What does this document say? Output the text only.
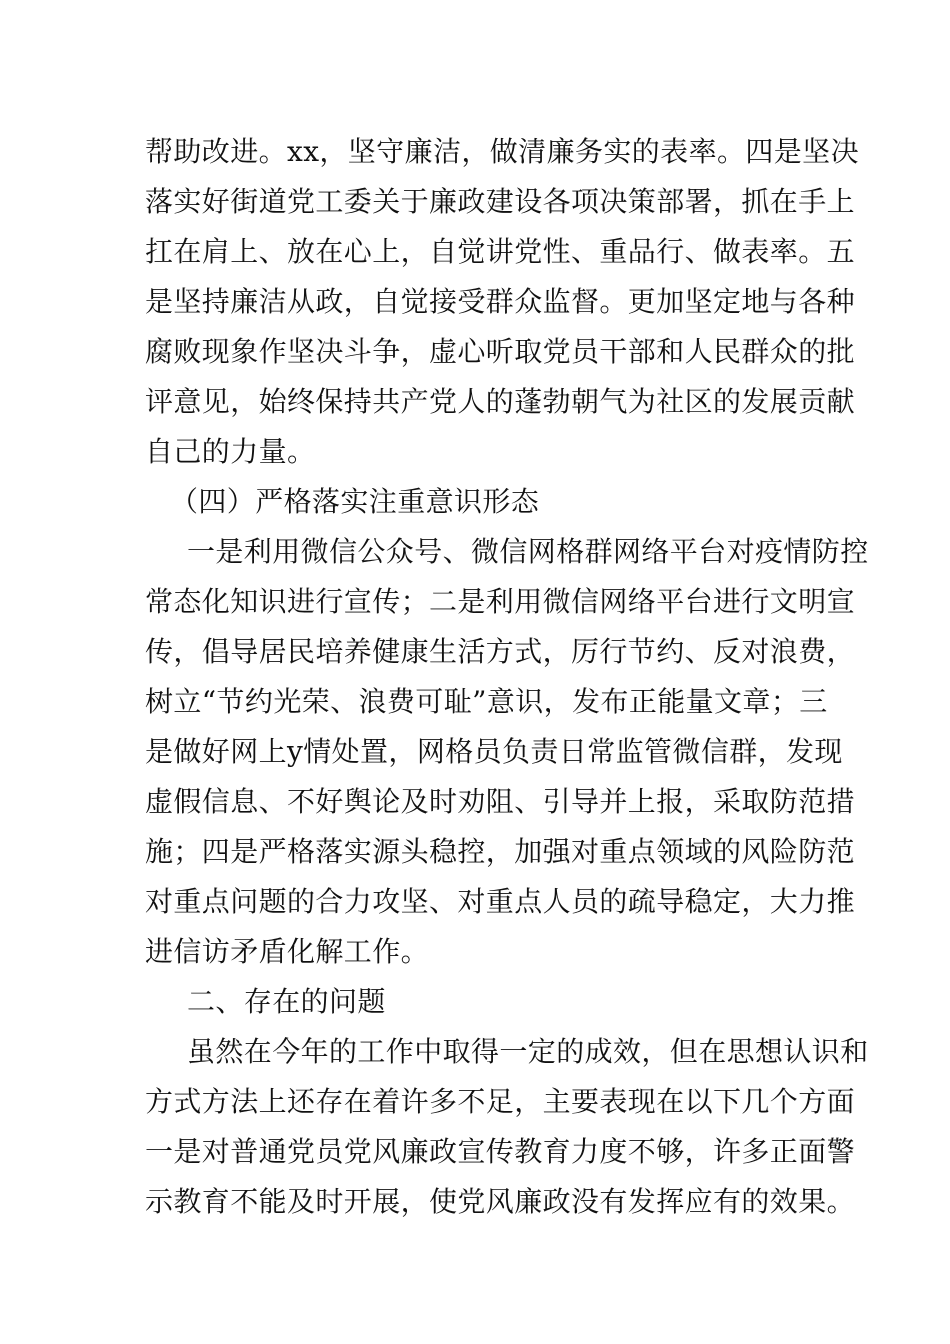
帮助改进。xx，坚守廉洁，做清廉务实的表率。四是坚决
落实好街道党工委关于廉政建设各项决策部署，抓在手上
扛在肩上、放在心上，自觉讲党性、重品行、做表率。五
是坚持廉洁从政，自觉接受群众监督。更加坚定地与各种
腐败现象作坚决斗争，虚心听取党员干部和人民群众的批
评意见，始终保持共产党人的蓬勃朝气为社区的发展贡献
自己的力量。
（四）严格落实注重意识形态
一是利用微信公众号、微信网格群网络平台对疫情防控
常态化知识进行宣传；二是利用微信网络平台进行文明宣
传，倡导居民培养健康生活方式，厉行节约、反对浪费，
树立“节约光荣、浪费可耻”意识，发布正能量文章；三
是做好网上y情处置，网格员负责日常监管微信群，发现
虚假信息、不好舆论及时劝阻、引导并上报，采取防范措
施；四是严格落实源头稳控，加强对重点领域的风险防范
对重点问题的合力攻坚、对重点人员的疏导稳定，大力推
进信访矛盾化解工作。
二、存在的问题
虽然在今年的工作中取得一定的成效，但在思想认识和
方式方法上还存在着许多不足，主要表现在以下几个方面
一是对普通党员党风廉政宣传教育力度不够，许多正面警
示教育不能及时开展，使党风廉政没有发挥应有的效果。
